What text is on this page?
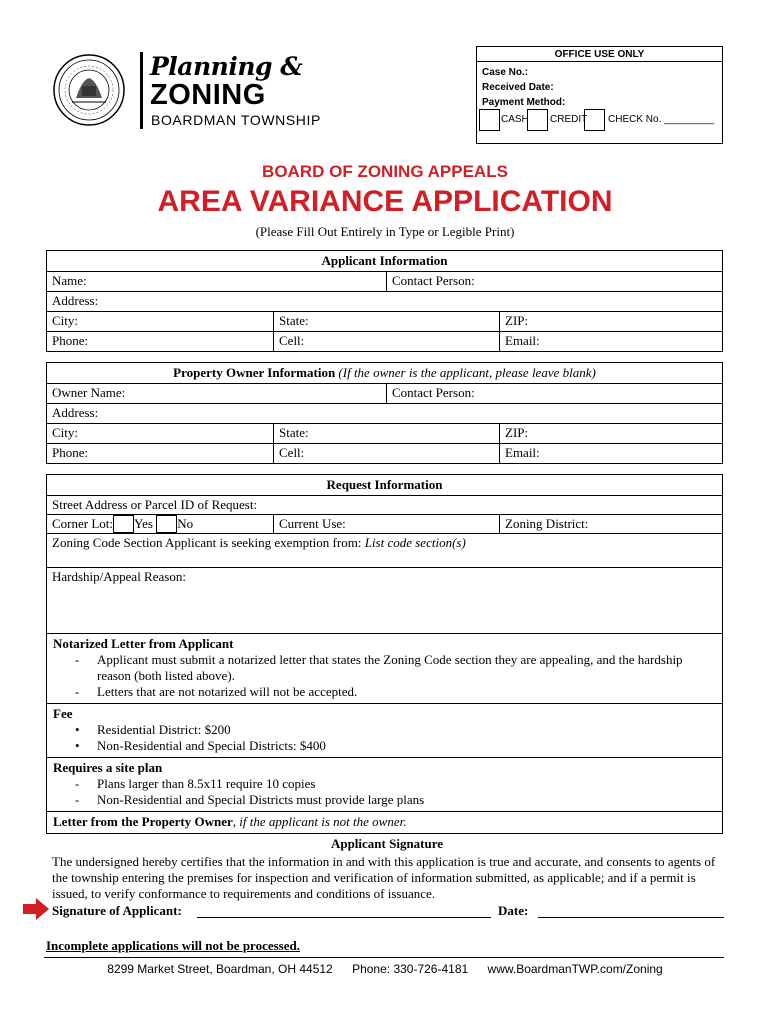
Planning &
ZONING
BOARDMAN TOWNSHIP
OFFICE USE ONLY
Case No.:
Received Date:
Payment Method:
CASH CREDIT CHECK No. _________
BOARD OF ZONING APPEALS
AREA VARIANCE APPLICATION
(Please Fill Out Entirely in Type or Legible Print)
Applicant Information
Name:	Contact Person:
Address:
City:	State:	ZIP:
Phone:	Cell:	Email:
Property Owner Information (If the owner is the applicant, please leave blank)
Owner Name:	Contact Person:
Address:
City:	State:	ZIP:
Phone:	Cell:	Email:
Request Information
Street Address or Parcel ID of Request:
Corner Lot: Yes No	Current Use:	Zoning District:
Zoning Code Section Applicant is seeking exemption from: List code section(s)
Hardship/Appeal Reason:
Notarized Letter from Applicant
- Applicant must submit a notarized letter that states the Zoning Code section they are appealing, and the hardship reason (both listed above).
- Letters that are not notarized will not be accepted.
Fee
• Residential District: $200
• Non-Residential and Special Districts: $400
Requires a site plan
- Plans larger than 8.5x11 require 10 copies
- Non-Residential and Special Districts must provide large plans
Letter from the Property Owner, if the applicant is not the owner.
Applicant Signature
The undersigned hereby certifies that the information in and with this application is true and accurate, and consents to agents of the township entering the premises for inspection and verification of information submitted, as applicable; and if a permit is issued, to verify conformance to requirements and conditions of issuance.
Signature of Applicant:	Date:
Incomplete applications will not be processed.
8299 Market Street, Boardman, OH 44512 Phone: 330-726-4181 www.BoardmanTWP.com/Zoning
